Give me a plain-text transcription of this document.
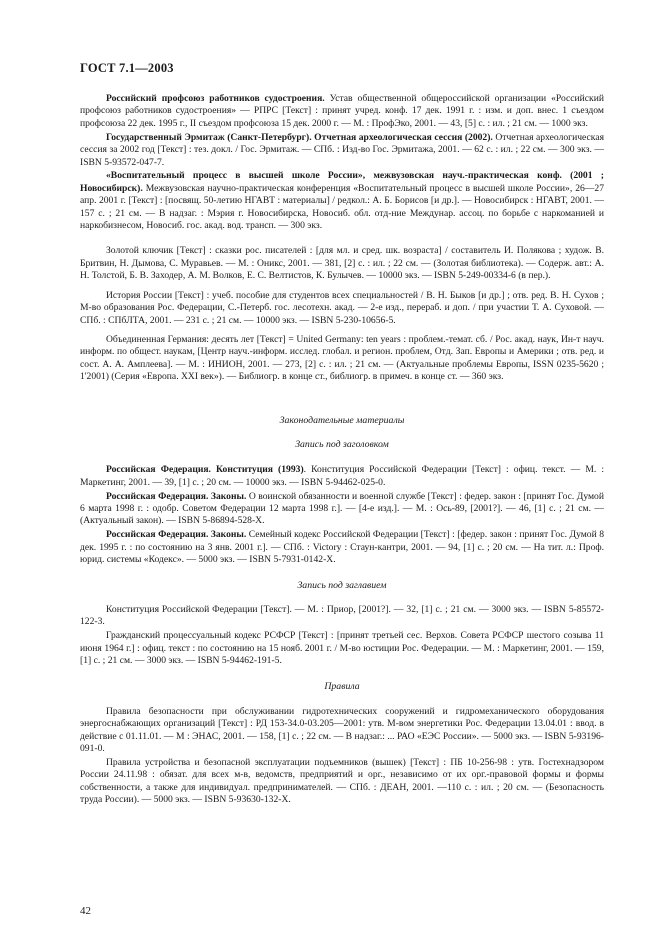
ГОСТ 7.1—2003

Российский профсоюз работников судостроения. Устав общественной общероссийской организации «Российский профсоюз работников судостроения» — РПРС [Текст] : принят учред. конф. 17 дек. 1991 г. : изм. и доп. внес. 1 съездом профсоюза 22 дек. 1995 г., II съездом профсоюза 15 дек. 2000 г. — М. : ПрофЭко, 2001. — 43, [5] с. : ил. ; 21 см. — 1000 экз.

Государственный Эрмитаж (Санкт-Петербург). Отчетная археологическая сессия (2002). Отчетная археологическая сессия за 2002 год [Текст] : тез. докл. / Гос. Эрмитаж. — СПб. : Изд-во Гос. Эрмитажа, 2001. — 62 с. : ил. ; 22 см. — 300 экз. — ISBN 5-93572-047-7.

«Воспитательный процесс в высшей школе России», межвузовская науч.-практическая конф. (2001 ; Новосибирск). Межвузовская научно-практическая конференция «Воспитательный процесс в высшей школе России», 26—27 апр. 2001 г. [Текст] : [посвящ. 50-летию НГАВТ : материалы] / редкол.: А. Б. Борисов [и др.]. — Новосибирск : НГАВТ, 2001. — 157 с. ; 21 см. — В надзаг. : Мэрия г. Новосибирска, Новосиб. обл. отд-ние Междунар. ассоц. по борьбе с наркоманией и наркобизнесом, Новосиб. гос. акад. вод. трансп. — 300 экз.

Золотой ключик [Текст] : сказки рос. писателей : [для мл. и сред. шк. возраста] / составитель И. Полякова ; худож. В. Бритвин, Н. Дымова, С. Муравьев. — М. : Оникс, 2001. — 381, [2] с. : ил. ; 22 см. — (Золотая библиотека). — Содерж. авт.: А. Н. Толстой, Б. В. Заходер, А. М. Волков, Е. С. Велтистов, К. Булычев. — 10000 экз. — ISBN 5-249-00334-6 (в пер.).

История России [Текст] : учеб. пособие для студентов всех специальностей / В. Н. Быков [и др.] ; отв. ред. В. Н. Сухов ; М-во образования Рос. Федерации, С.-Петерб. гос. лесотехн. акад. — 2-е изд., перераб. и доп. / при участии Т. А. Суховой. — СПб. : СПбЛТА, 2001. — 231 с. ; 21 см. — 10000 экз. — ISBN 5-230-10656-5.

Объединенная Германия: десять лет [Текст] = United Germany: ten years : проблем.-темат. сб. / Рос. акад. наук, Ин-т науч. информ. по общест. наукам, [Центр науч.-информ. исслед. глобал. и регион. проблем, Отд. Зап. Европы и Америки ; отв. ред. и сост. А. А. Амплеева]. — М. : ИНИОН, 2001. — 273, [2] с. : ил. ; 21 см. — (Актуальные проблемы Европы, ISSN 0235-5620 ; 1'2001) (Серия «Европа. XXI век»). — Библиогр. в конце ст., библиогр. в примеч. в конце ст. — 360 экз.

Законодательные материалы

Запись под заголовком

Российская Федерация. Конституция (1993). Конституция Российской Федерации [Текст] : офиц. текст. — М. : Маркетинг, 2001. — 39, [1] с. ; 20 см. — 10000 экз. — ISBN 5-94462-025-0.

Российская Федерация. Законы. О воинской обязанности и военной службе [Текст] : федер. закон : [принят Гос. Думой 6 марта 1998 г. : одобр. Советом Федерации 12 марта 1998 г.]. — [4-е изд.]. — М. : Ось-89, [2001?]. — 46, [1] с. ; 21 см. — (Актуальный закон). — ISBN 5-86894-528-X.

Российская Федерация. Законы. Семейный кодекс Российской Федерации [Текст] : [федер. закон : принят Гос. Думой 8 дек. 1995 г. : по состоянию на 3 янв. 2001 г.]. — СПб. : Victory : Стаун-кантри, 2001. — 94, [1] с. ; 20 см. — На тит. л.: Проф. юрид. системы «Кодекс». — 5000 экз. — ISBN 5-7931-0142-X.

Запись под заглавием

Конституция Российской Федерации [Текст]. — М. : Приор, [2001?]. — 32, [1] с. ; 21 см. — 3000 экз. — ISBN 5-85572-122-3.

Гражданский процессуальный кодекс РСФСР [Текст] : [принят третьей сес. Верхов. Совета РСФСР шестого созыва 11 июня 1964 г.] : офиц. текст : по состоянию на 15 нояб. 2001 г. / М-во юстиции Рос. Федерации. — М. : Маркетинг, 2001. — 159, [1] с. ; 21 см. — 3000 экз. — ISBN 5-94462-191-5.

Правила

Правила безопасности при обслуживании гидротехнических сооружений и гидромеханического оборудования энергоснабжающих организаций [Текст] : РД 153-34.0-03.205—2001: утв. М-вом энергетики Рос. Федерации 13.04.01 : ввод. в действие с 01.11.01. — М : ЭНАС, 2001. — 158, [1] с. ; 22 см. — В надзаг.: ... РАО «ЕЭС России». — 5000 экз. — ISBN 5-93196-091-0.

Правила устройства и безопасной эксплуатации подъемников (вышек) [Текст] : ПБ 10-256-98 : утв. Гостехнадзором России 24.11.98 : обязат. для всех м-в, ведомств, предприятий и орг., независимо от их орг.-правовой формы и формы собственности, а также для индивидуал. предпринимателей. — СПб. : ДЕАН, 2001. —110 с. : ил. ; 20 см. — (Безопасность труда России). — 5000 экз. — ISBN 5-93630-132-X.

42
